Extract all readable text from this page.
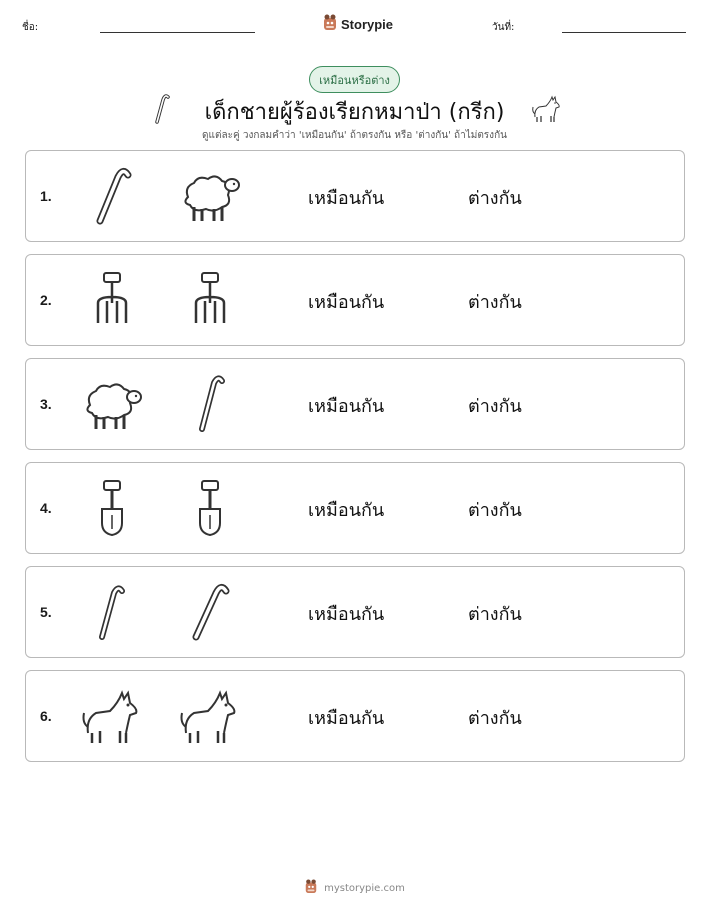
ชื่อ:	Storypie	วันที่:
เหมือนหรือต่าง
เด็กชายผู้ร้องเรียกหมาป่า (กรีก)

ดูแต่ละคู่ วงกลมคำว่า 'เหมือนกัน' ถ้าตรงกัน หรือ 'ต่างกัน' ถ้าไม่ตรงกัน

1.	เหมือนกัน	ต่างกัน
2.	เหมือนกัน	ต่างกัน
3.	เหมือนกัน	ต่างกัน
4.	เหมือนกัน	ต่างกัน
5.	เหมือนกัน	ต่างกัน
6.	เหมือนกัน	ต่างกัน
mystorypie.com
